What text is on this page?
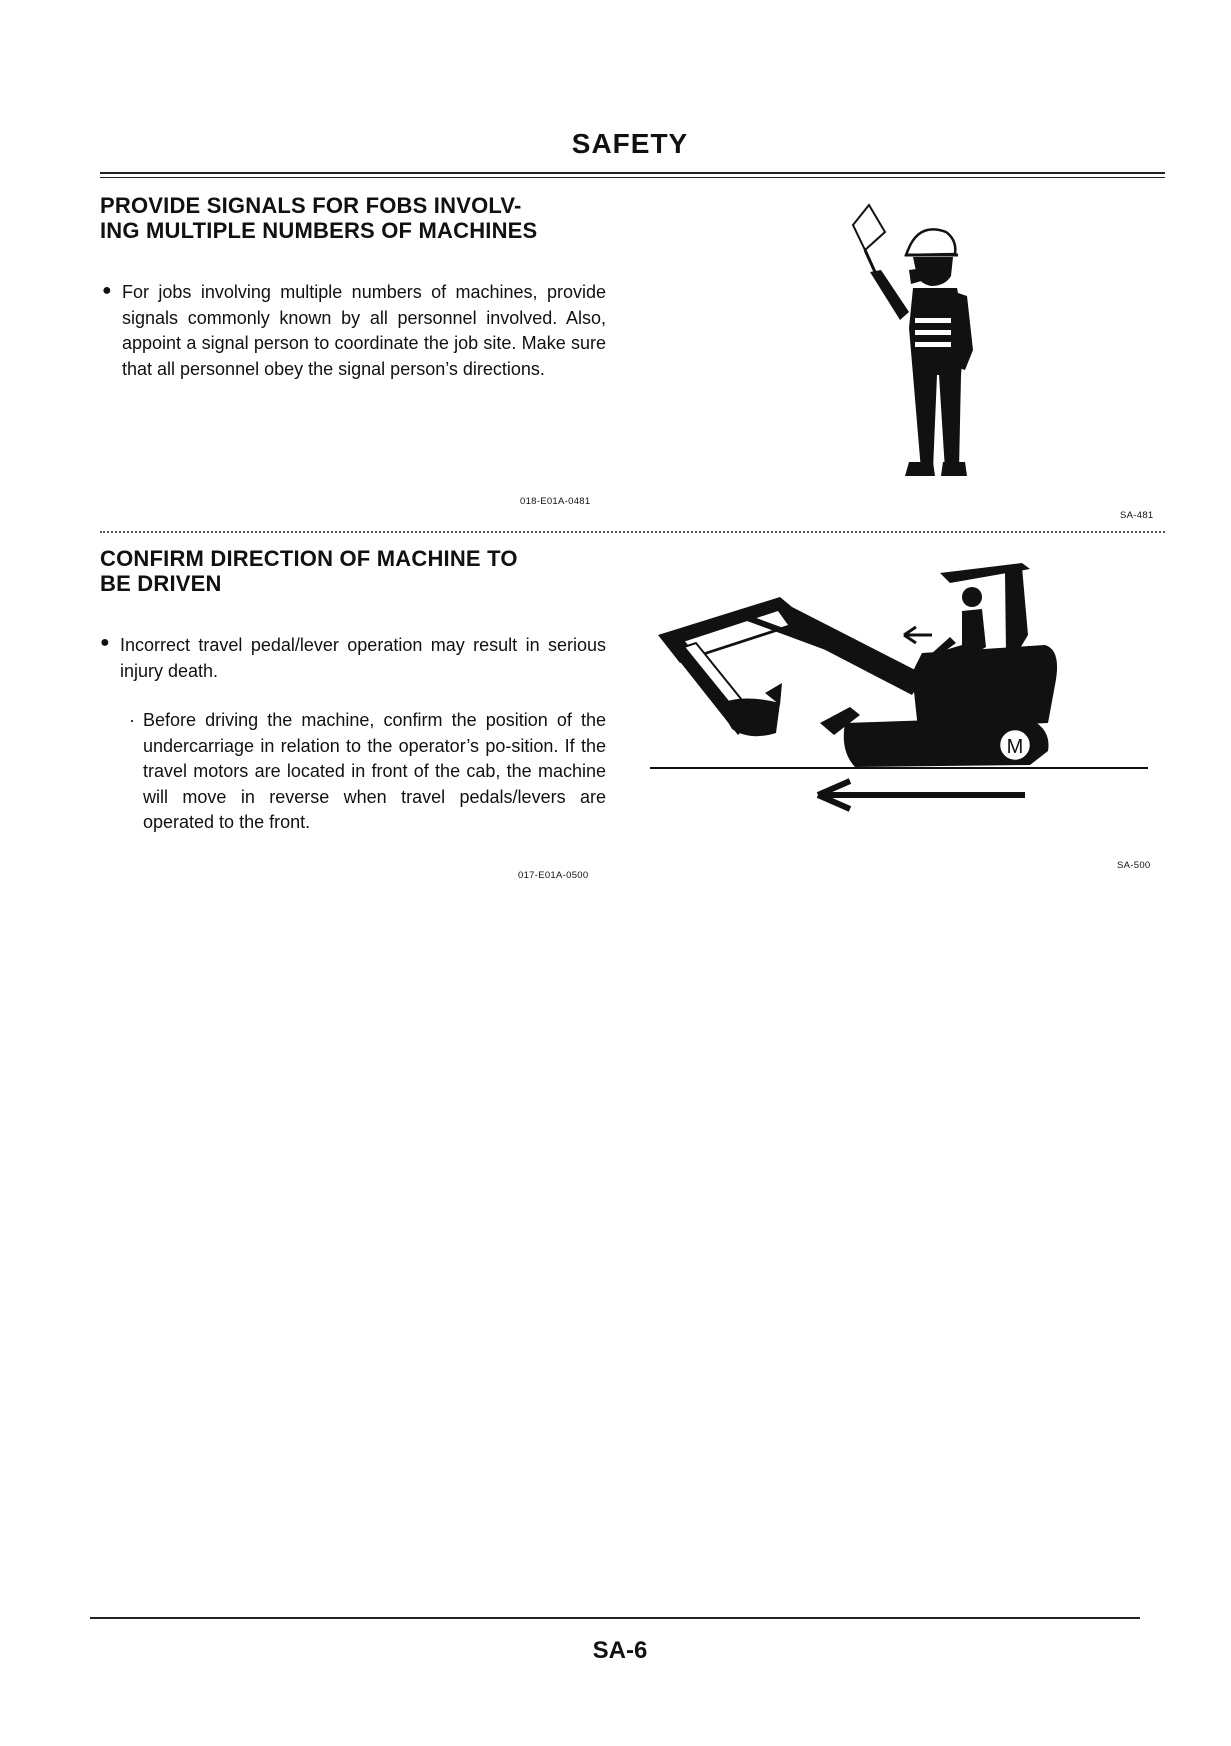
SAFETY
PROVIDE SIGNALS FOR FOBS INVOLV-
ING MULTIPLE NUMBERS OF MACHINES
● For jobs involving multiple numbers of machines, provide signals commonly known by all personnel involved. Also, appoint a signal person to coordinate the job site. Make sure that all personnel obey the signal person’s directions.
018-E01A-0481
SA-481
CONFIRM DIRECTION OF MACHINE TO
BE DRIVEN
● Incorrect travel pedal/lever operation may result in serious injury death.
· Before driving the machine, confirm the position of the undercarriage in relation to the operator’s po-sition. If the travel motors are located in front of the cab, the machine will move in reverse when travel pedals/levers are operated to the front.
017-E01A-0500
M
SA-500
SA-6
